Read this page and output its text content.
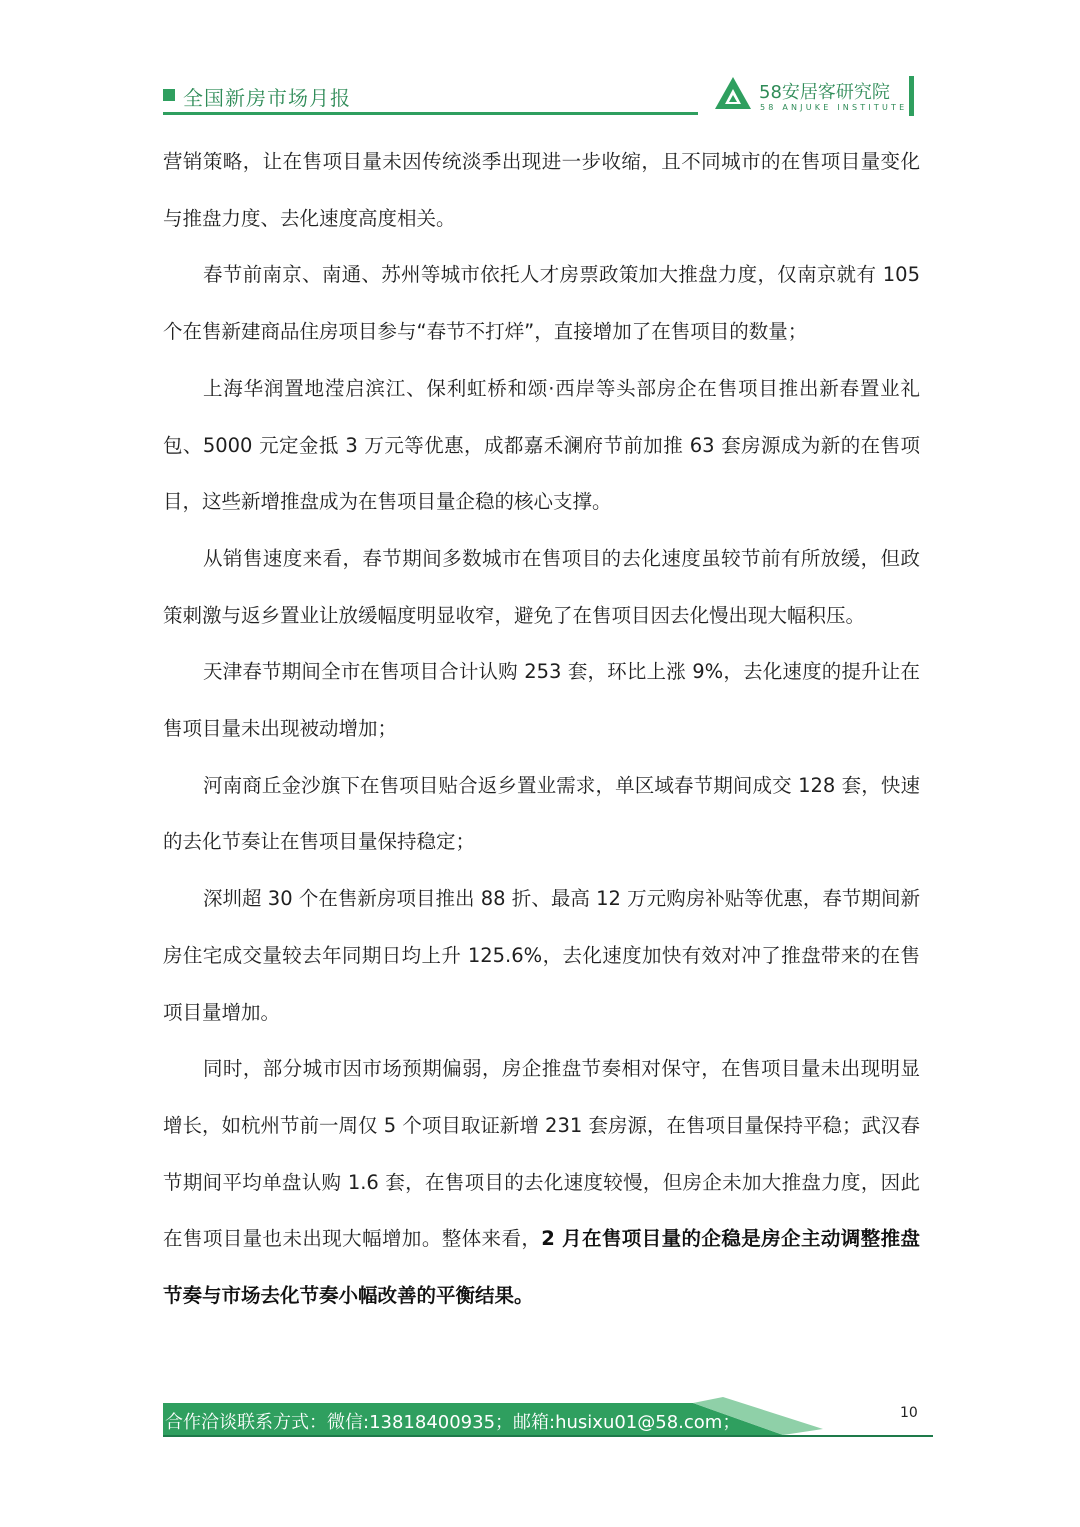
全国新房市场月报	58安居客研究院
58 ANJUKE INSTITUTE

营销策略，让在售项目量未因传统淡季出现进一步收缩，且不同城市的在售项目量变化与推盘力度、去化速度高度相关。

春节前南京、南通、苏州等城市依托人才房票政策加大推盘力度，仅南京就有 105 个在售新建商品住房项目参与“春节不打烊”，直接增加了在售项目的数量；

上海华润置地滢启滨江、保利虹桥和颂·西岸等头部房企在售项目推出新春置业礼包、5000 元定金抵 3 万元等优惠，成都嘉禾澜府节前加推 63 套房源成为新的在售项目，这些新增推盘成为在售项目量企稳的核心支撑。

从销售速度来看，春节期间多数城市在售项目的去化速度虽较节前有所放缓，但政策刺激与返乡置业让放缓幅度明显收窄，避免了在售项目因去化慢出现大幅积压。

天津春节期间全市在售项目合计认购 253 套，环比上涨 9%，去化速度的提升让在售项目量未出现被动增加；

河南商丘金沙旗下在售项目贴合返乡置业需求，单区域春节期间成交 128 套，快速的去化节奏让在售项目量保持稳定；

深圳超 30 个在售新房项目推出 88 折、最高 12 万元购房补贴等优惠，春节期间新房住宅成交量较去年同期日均上升 125.6%，去化速度加快有效对冲了推盘带来的在售项目量增加。

同时，部分城市因市场预期偏弱，房企推盘节奏相对保守，在售项目量未出现明显增长，如杭州节前一周仅 5 个项目取证新增 231 套房源，在售项目量保持平稳；武汉春节期间平均单盘认购 1.6 套，在售项目的去化速度较慢，但房企未加大推盘力度，因此在售项目量也未出现大幅增加。整体来看，2 月在售项目量的企稳是房企主动调整推盘节奏与市场去化节奏小幅改善的平衡结果。

合作洽谈联系方式：微信:13818400935；邮箱:husixu01@58.com；	10
